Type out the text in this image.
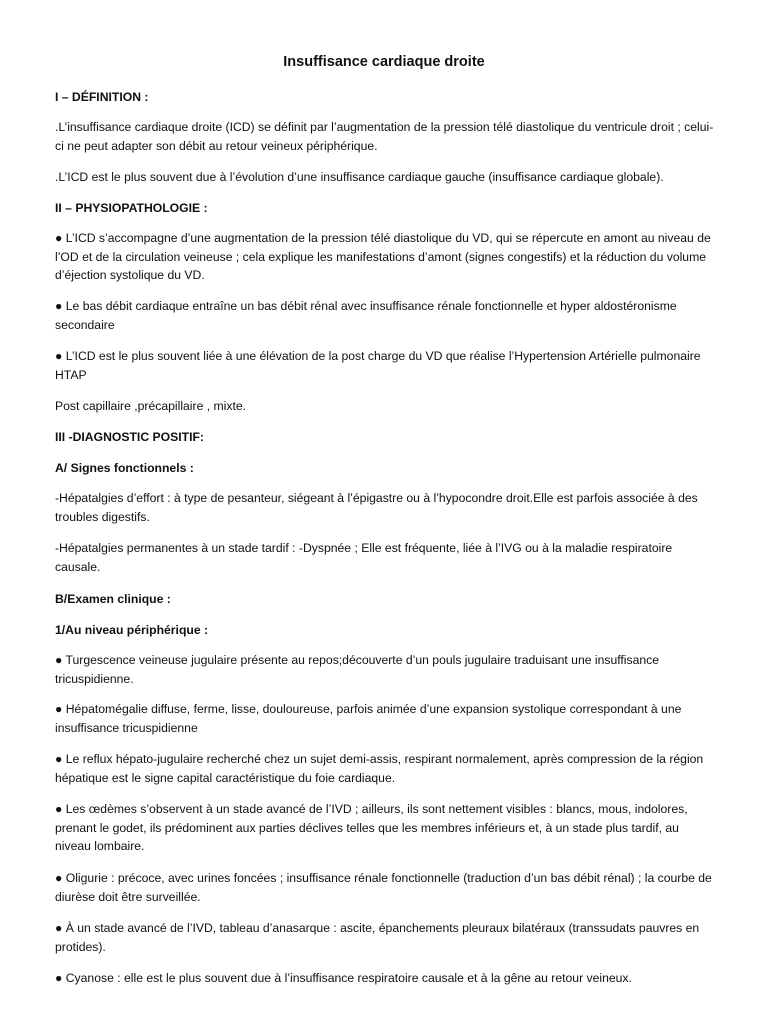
Insuffisance cardiaque droite

I – DÉFINITION :

.L’insuffisance cardiaque droite (ICD) se définit par l’augmentation de la pression télé diastolique du ventricule droit ; celui-ci ne peut adapter son débit au retour veineux périphérique.

.L’ICD est le plus souvent due à l’évolution d’une insuffisance cardiaque gauche (insuffisance cardiaque globale).

II – PHYSIOPATHOLOGIE :

● L’ICD s’accompagne d’une augmentation de la pression télé diastolique du VD, qui se répercute en amont au niveau de l’OD et de la circulation veineuse ; cela explique les manifestations d’amont (signes congestifs) et la réduction du volume d’éjection systolique du VD.

● Le bas débit cardiaque entraîne un bas débit rénal avec insuffisance rénale fonctionnelle et hyper aldostéronisme secondaire

● L’ICD est le plus souvent liée à une élévation de la post charge du VD que réalise l’Hypertension Artérielle pulmonaire HTAP

Post capillaire ,précapillaire , mixte.

III -DIAGNOSTIC POSITIF:

A/ Signes fonctionnels :

-Hépatalgies d’effort : à type de pesanteur, siégeant à l’épigastre ou à l’hypocondre droit.Elle est parfois associée à des troubles digestifs.

-Hépatalgies permanentes à un stade tardif : -Dyspnée ; Elle est fréquente, liée à l’IVG ou à la maladie respiratoire causale.

B/Examen clinique :

1/Au niveau périphérique :

● Turgescence veineuse jugulaire présente au repos;découverte d’un pouls jugulaire traduisant une insuffisance tricuspidienne.

● Hépatomégalie diffuse, ferme, lisse, douloureuse, parfois animée d’une expansion systolique correspondant à une insuffisance tricuspidienne

● Le reflux hépato-jugulaire recherché chez un sujet demi-assis, respirant normalement, après compression de la région hépatique est le signe capital caractéristique du foie cardiaque.

● Les œdèmes s’observent à un stade avancé de l’IVD ; ailleurs, ils sont nettement visibles : blancs, mous, indolores, prenant le godet, ils prédominent aux parties déclives telles que les membres inférieurs et, à un stade plus tardif, au niveau lombaire.

● Oligurie : précoce, avec urines foncées ; insuffisance rénale fonctionnelle (traduction d’un bas débit rénal) ; la courbe de diurèse doit être surveillée.

● À un stade avancé de l’IVD, tableau d’anasarque : ascite, épanchements pleuraux bilatéraux (transsudats pauvres en protides).

● Cyanose : elle est le plus souvent due à l’insuffisance respiratoire causale et à la gêne au retour veineux.
